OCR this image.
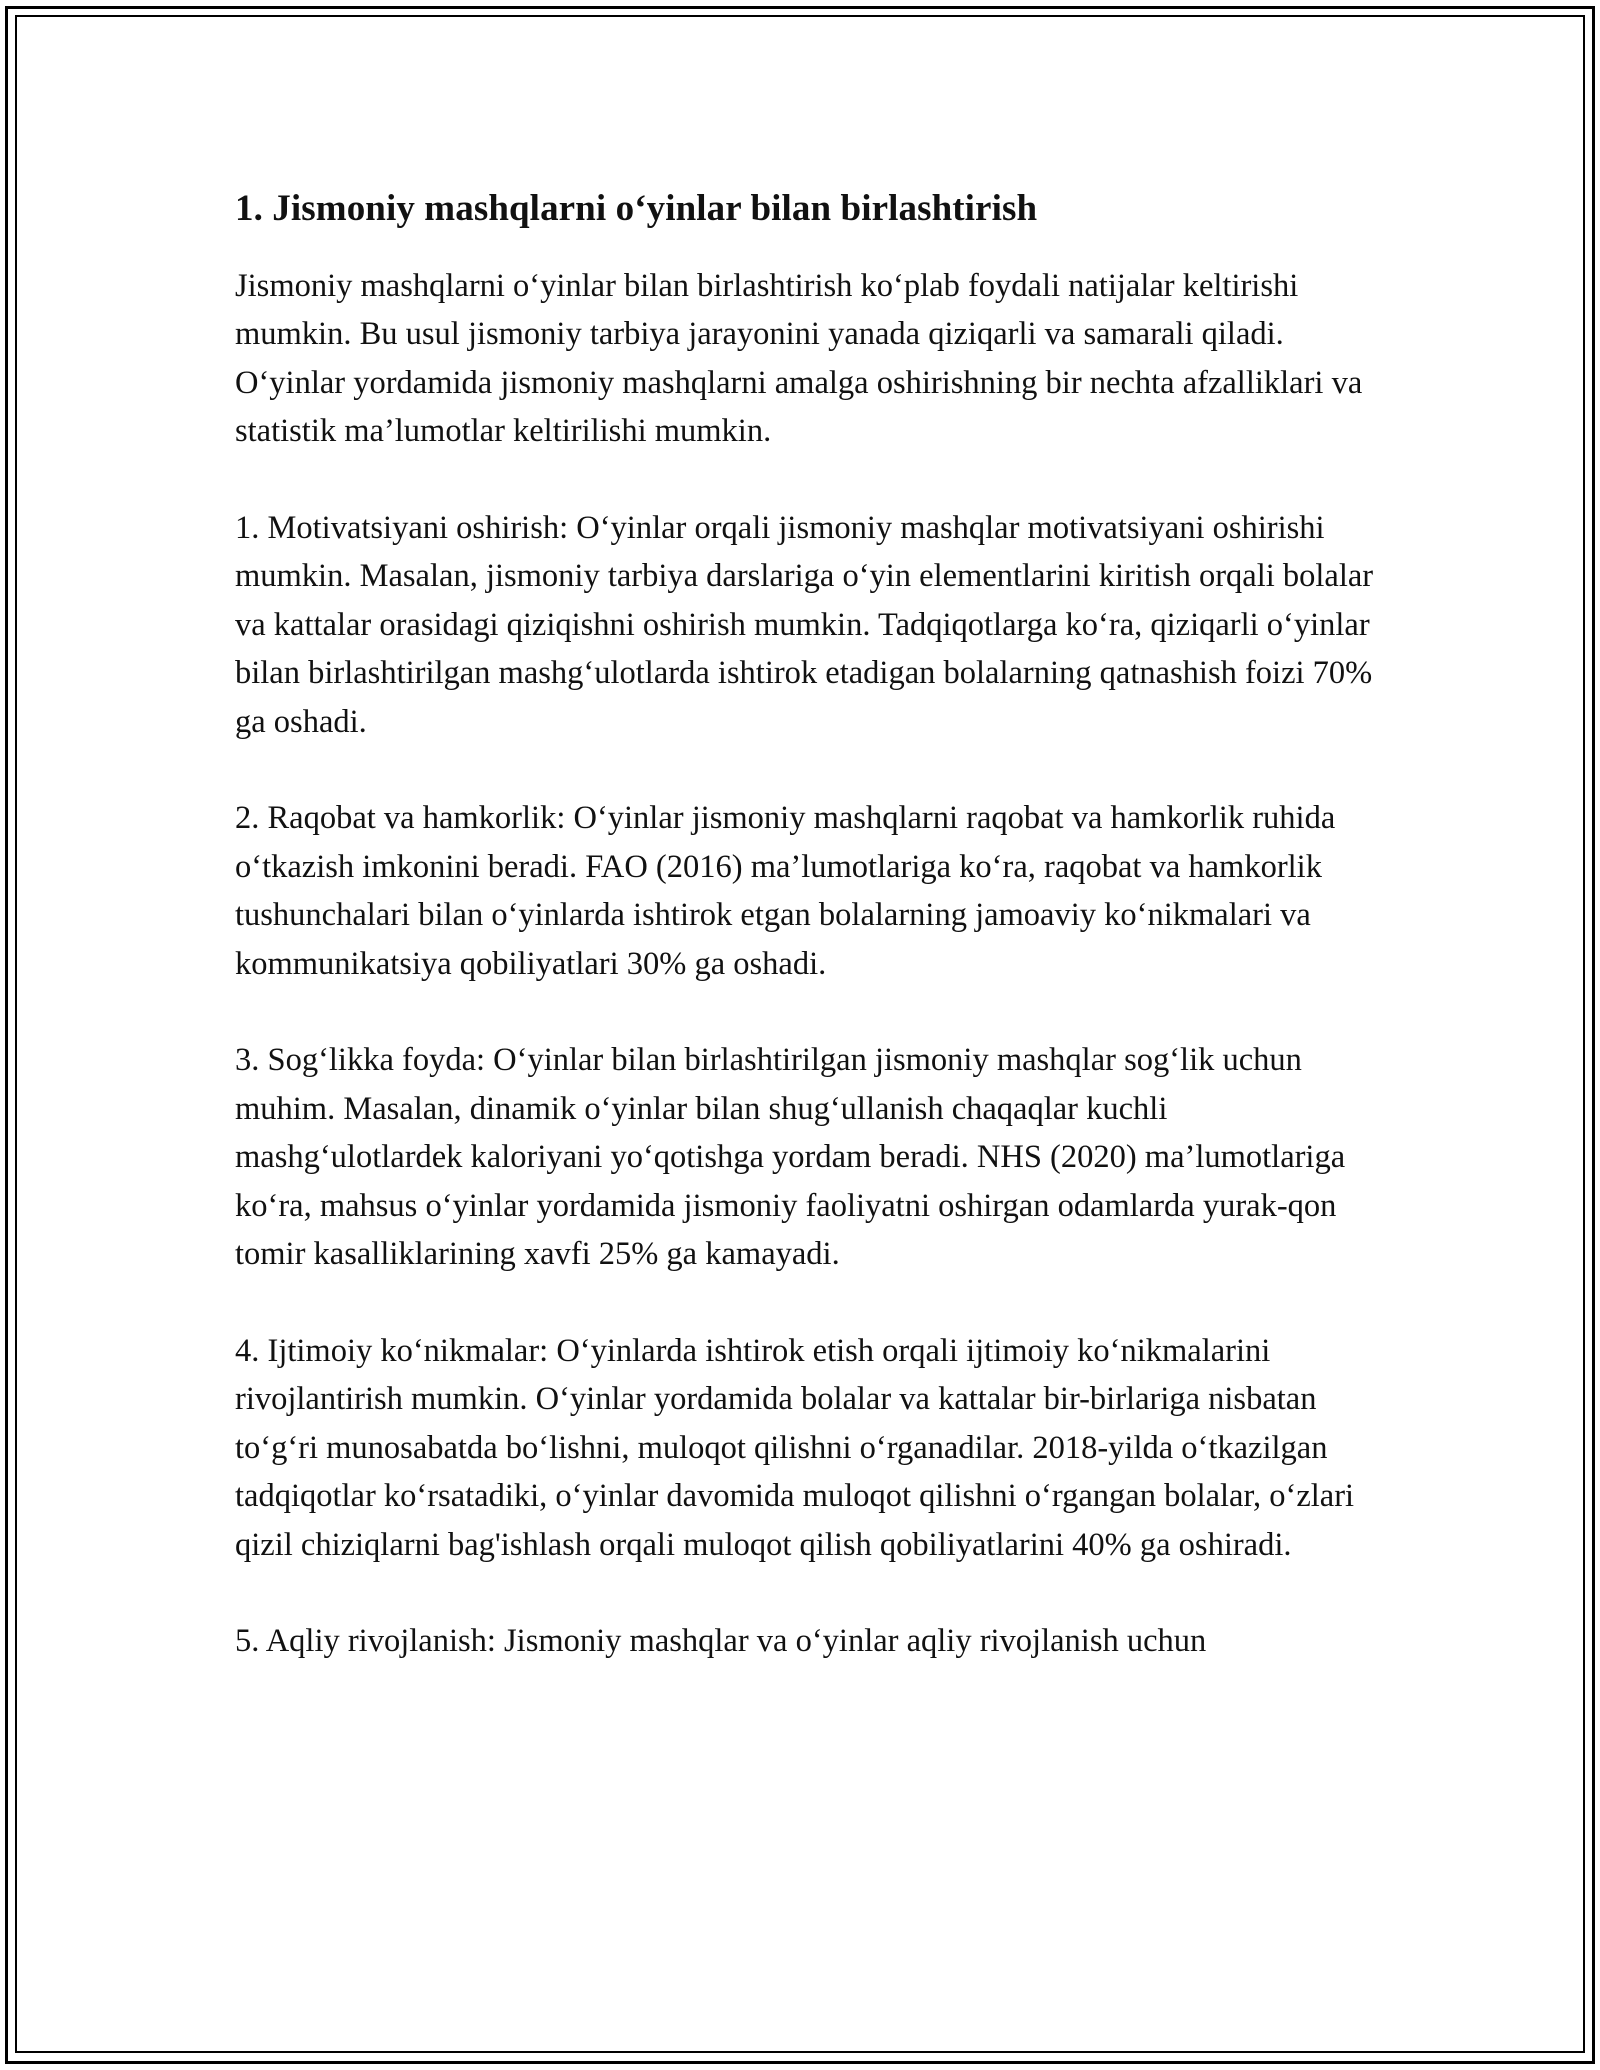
1. Jismoniy mashqlarni o‘yinlar bilan birlashtirish

Jismoniy mashqlarni o‘yinlar bilan birlashtirish ko‘plab foydali natijalar keltirishi mumkin. Bu usul jismoniy tarbiya jarayonini yanada qiziqarli va samarali qiladi. O‘yinlar yordamida jismoniy mashqlarni amalga oshirishning bir nechta afzalliklari va statistik ma’lumotlar keltirilishi mumkin.

1. Motivatsiyani oshirish: O‘yinlar orqali jismoniy mashqlar motivatsiyani oshirishi mumkin. Masalan, jismoniy tarbiya darslariga o‘yin elementlarini kiritish orqali bolalar va kattalar orasidagi qiziqishni oshirish mumkin. Tadqiqotlarga ko‘ra, qiziqarli o‘yinlar bilan birlashtirilgan mashg‘ulotlarda ishtirok etadigan bolalarning qatnashish foizi 70% ga oshadi.

2. Raqobat va hamkorlik: O‘yinlar jismoniy mashqlarni raqobat va hamkorlik ruhida o‘tkazish imkonini beradi. FAO (2016) ma’lumotlariga ko‘ra, raqobat va hamkorlik tushunchalari bilan o‘yinlarda ishtirok etgan bolalarning jamoaviy ko‘nikmalari va kommunikatsiya qobiliyatlari 30% ga oshadi.

3. Sog‘likka foyda: O‘yinlar bilan birlashtirilgan jismoniy mashqlar sog‘lik uchun muhim. Masalan, dinamik o‘yinlar bilan shug‘ullanish chaqaqlar kuchli mashg‘ulotlardek kaloriyani yo‘qotishga yordam beradi. NHS (2020) ma’lumotlariga ko‘ra, mahsus o‘yinlar yordamida jismoniy faoliyatni oshirgan odamlarda yurak-qon tomir kasalliklarining xavfi 25% ga kamayadi.

4. Ijtimoiy ko‘nikmalar: O‘yinlarda ishtirok etish orqali ijtimoiy ko‘nikmalarini rivojlantirish mumkin. O‘yinlar yordamida bolalar va kattalar bir-birlariga nisbatan to‘g‘ri munosabatda bo‘lishni, muloqot qilishni o‘rganadilar. 2018-yilda o‘tkazilgan tadqiqotlar ko‘rsatadiki, o‘yinlar davomida muloqot qilishni o‘rgangan bolalar, o‘zlari qizil chiziqlarni bag'ishlash orqali muloqot qilish qobiliyatlarini 40% ga oshiradi.

5. Aqliy rivojlanish: Jismoniy mashqlar va o‘yinlar aqliy rivojlanish uchun
